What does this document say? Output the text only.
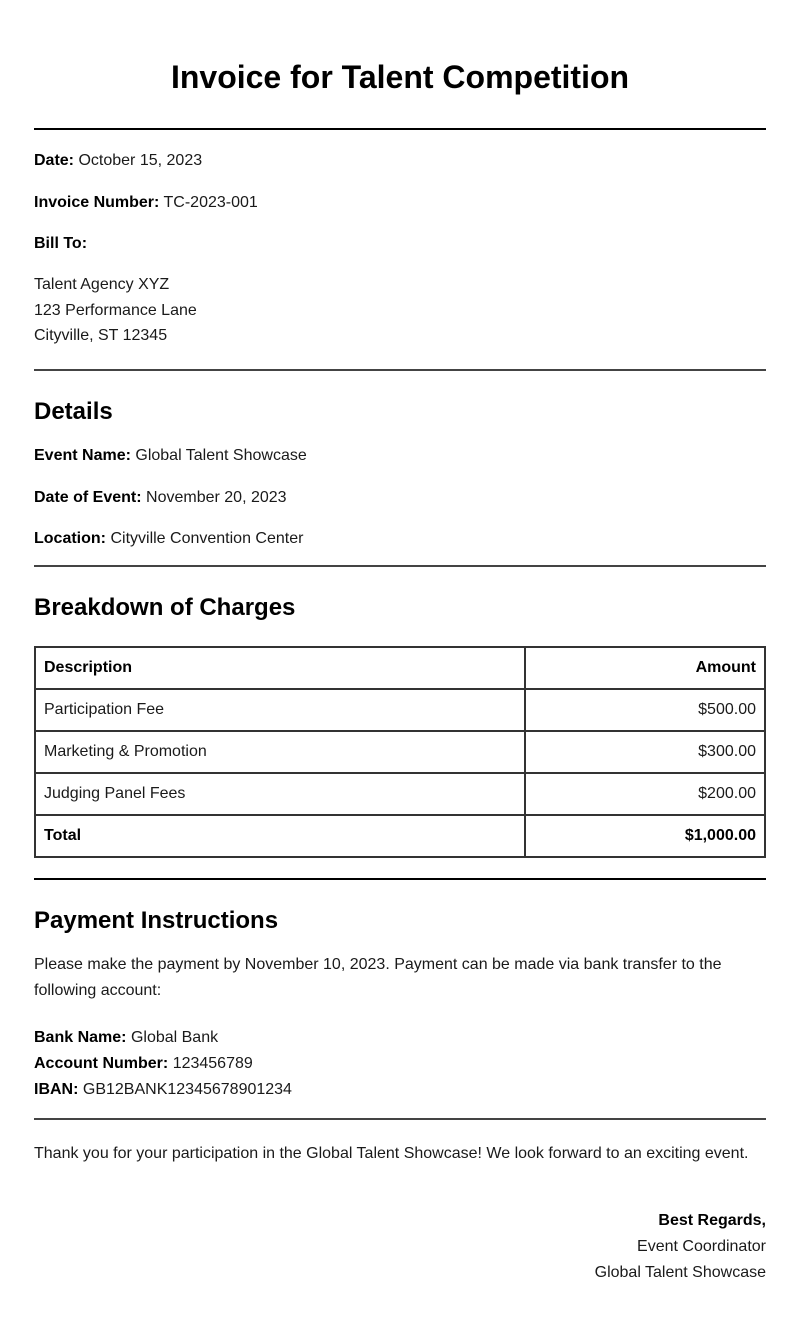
Invoice for Talent Competition

Date: October 15, 2023

Invoice Number: TC-2023-001

Bill To:

Talent Agency XYZ
123 Performance Lane
Cityville, ST 12345
Details

Event Name: Global Talent Showcase

Date of Event: November 20, 2023

Location: Cityville Convention Center

Breakdown of Charges
Description	Amount
Participation Fee	$500.00
Marketing & Promotion	$300.00
Judging Panel Fees	$200.00
Total	$1,000.00
Payment Instructions

Please make the payment by November 10, 2023. Payment can be made via bank transfer to the following account:

Bank Name: Global Bank
Account Number: 123456789
IBAN: GB12BANK12345678901234

Thank you for your participation in the Global Talent Showcase! We look forward to an exciting event.

Best Regards,
Event Coordinator
Global Talent Showcase
